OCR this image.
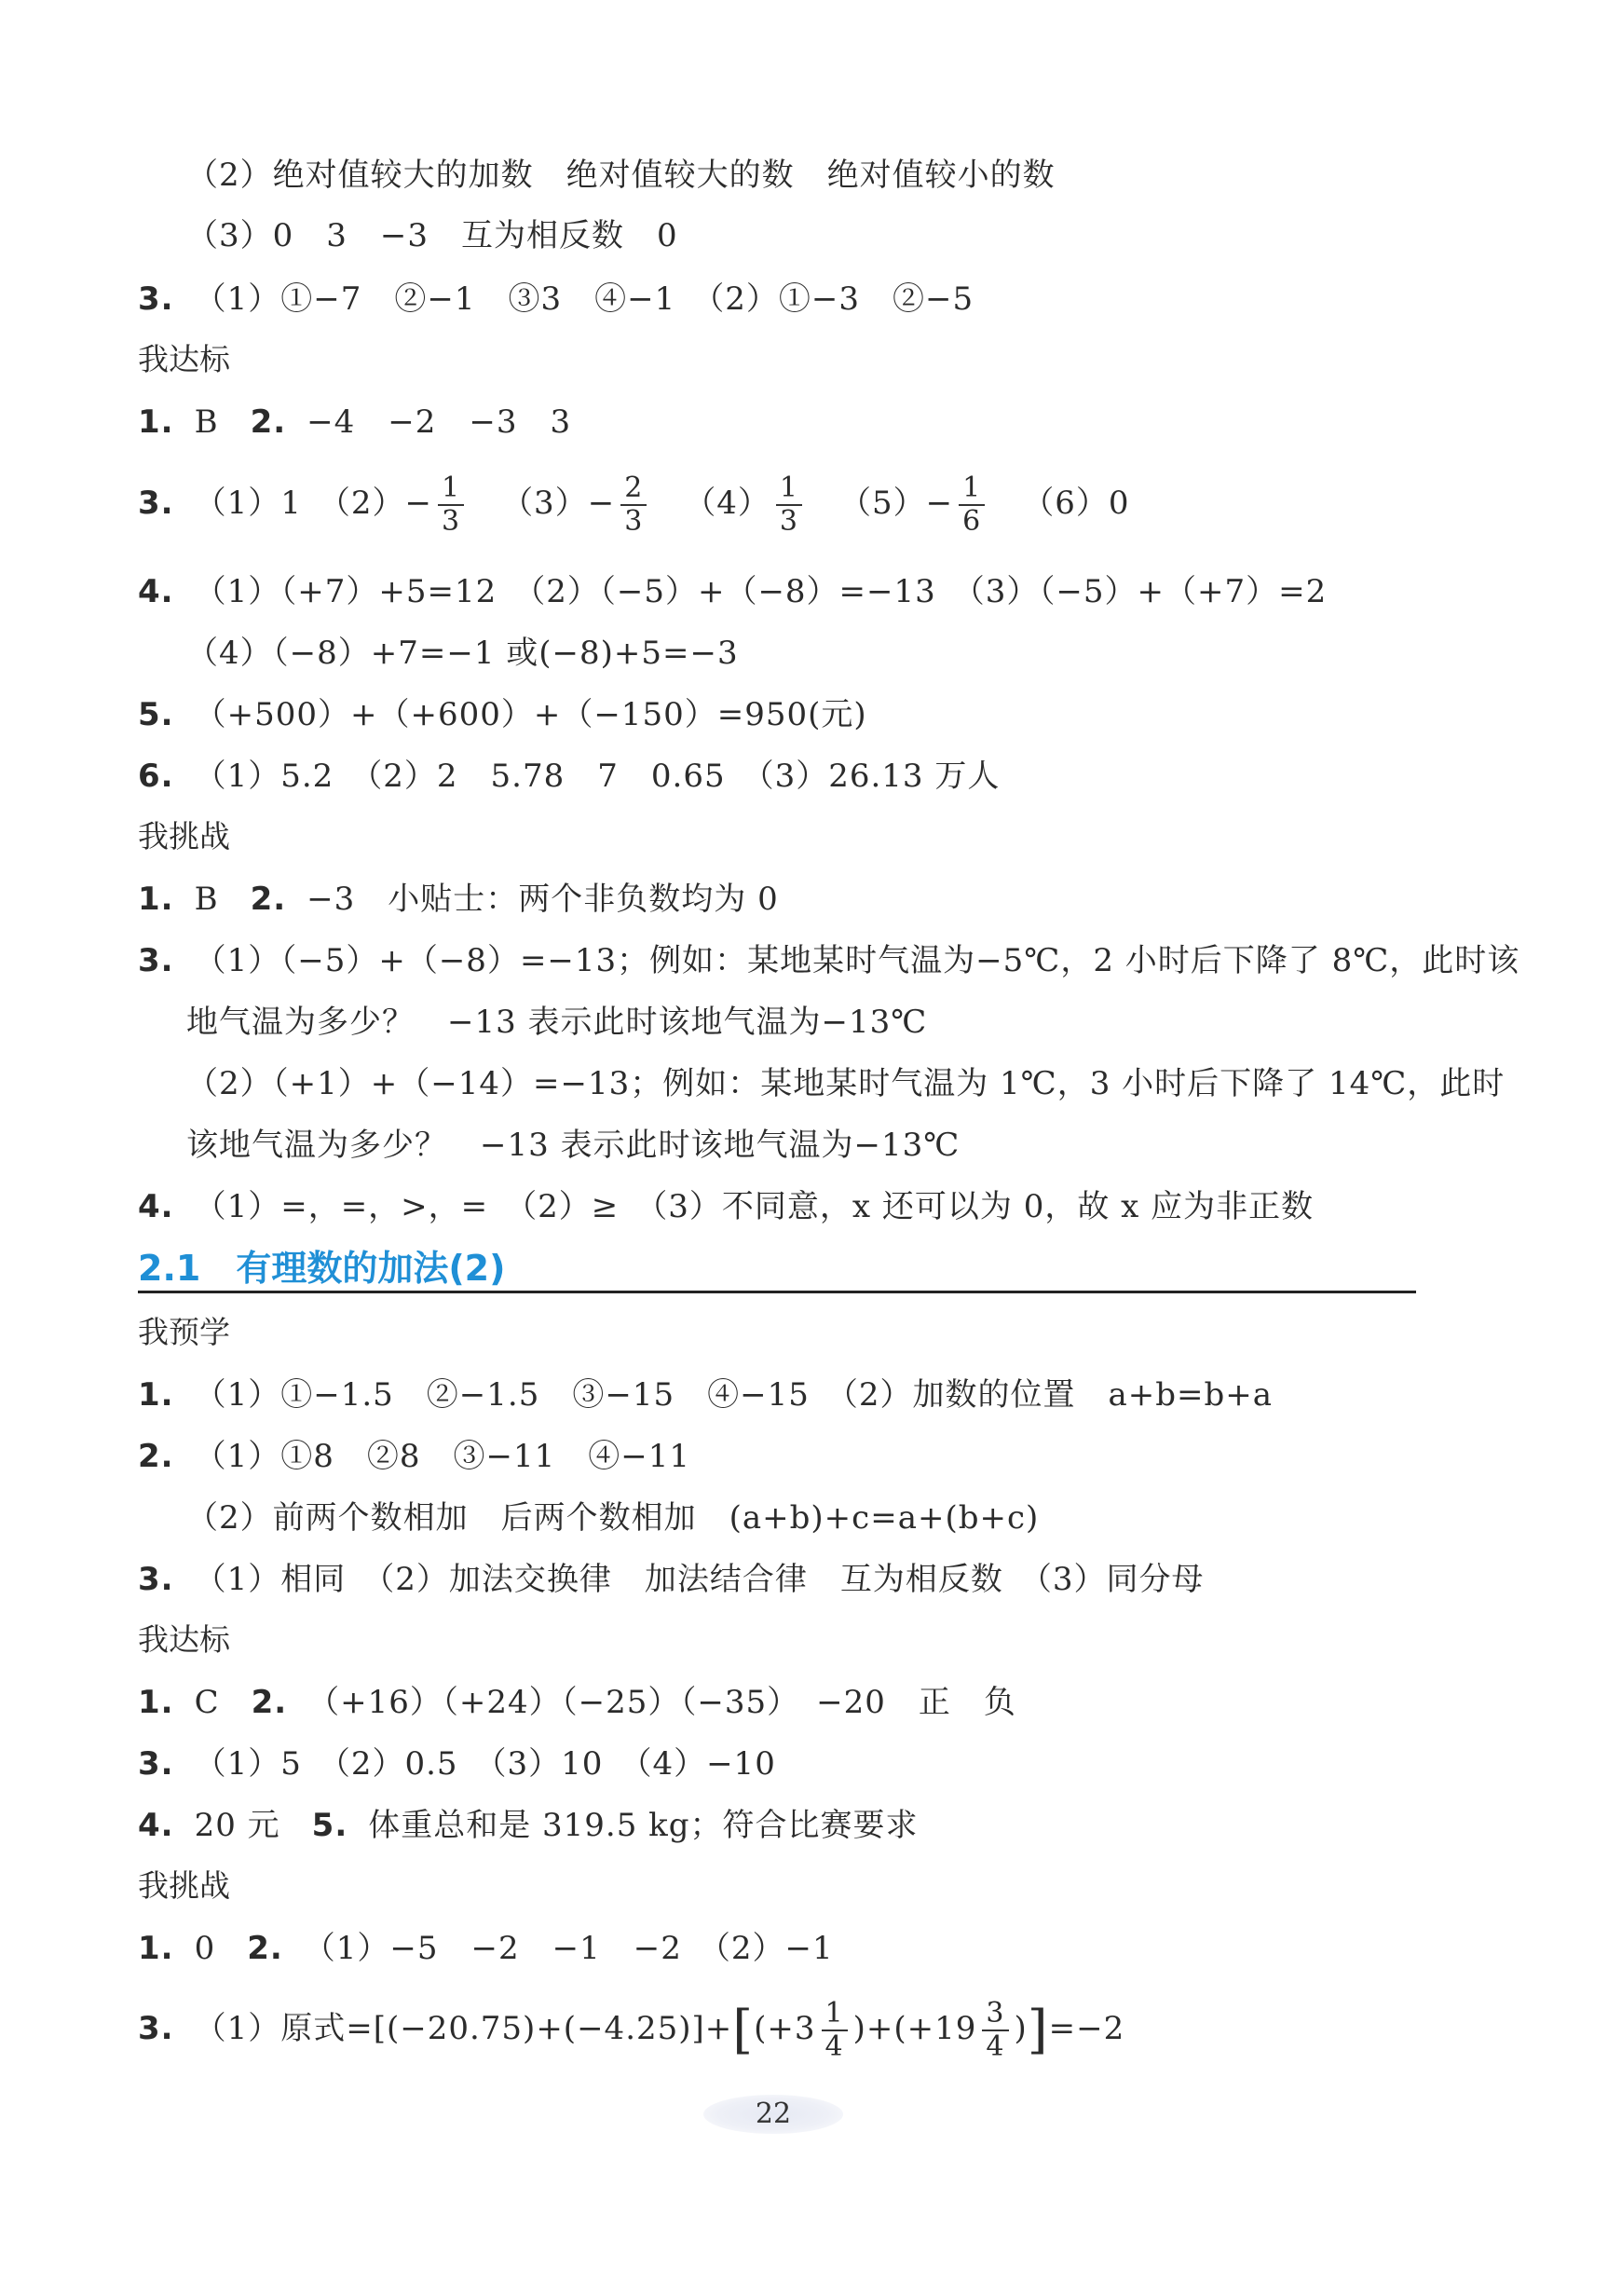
（2）绝对值较大的加数　绝对值较大的数　绝对值较小的数
（3）0　3　−3　互为相反数　0
3. （1）①−7　②−1　③3　④−1　（2）①−3　②−5
我达标
1. B 2. −4　−2　−3　3
3. （1）1　$(2)- \frac{1}{3} (3)- \frac{2}{3} (4) \frac{1}{3} (5)- \frac{1}{6} (6)0$
4. （1）（+7）+5=12　（2）（−5）+（−8）=−13　（3）（−5）+（+7）=2
（4）（−8）+7=−1 或(−8)+5=−3
5. （+500）+（+600）+（−150）=950(元)
6. （1）5.2　（2）2　5.78　7　0.65　（3）26.13 万人
我挑战
1. B 2. −3　小贴士：两个非负数均为 0
3. （1）（−5）+（−8）=−13；例如：某地某时气温为−5℃，2 小时后下降了 8℃，此时该
地气温为多少？　−13 表示此时该地气温为−13℃
（2）（+1）+（−14）=−13；例如：某地某时气温为 1℃，3 小时后下降了 14℃，此时
该地气温为多少？　−13 表示此时该地气温为−13℃
4. （1）=，=，>，=　（2）≥　（3）不同意，x 还可以为 0，故 x 应为非正数
2.1　有理数的加法(2)
我预学
1. （1）①−1.5　②−1.5　③−15　④−15　（2）加数的位置　a+b=b+a
2. （1）①8　②8　③−11　④−11
（2）前两个数相加　后两个数相加　(a+b)+c=a+(b+c)
3. （1）相同　（2）加法交换律　加法结合律　互为相反数　（3）同分母
我达标
1. C 2. （+16）（+24）（−25）（−35）　−20　正　负
3. （1）5　（2）0.5　（3）10　（4）−10
4. 20 元 5. 体重总和是 319.5 kg；符合比赛要求
我挑战
1. 0 2. （1）−5　−2　−1　−2　（2）−1
3. （1）原式$=[(-20.75)+(-4.25)]+[(+3 \frac{1}{4} )+(+19 \frac{3}{4} )]=-2$
22
